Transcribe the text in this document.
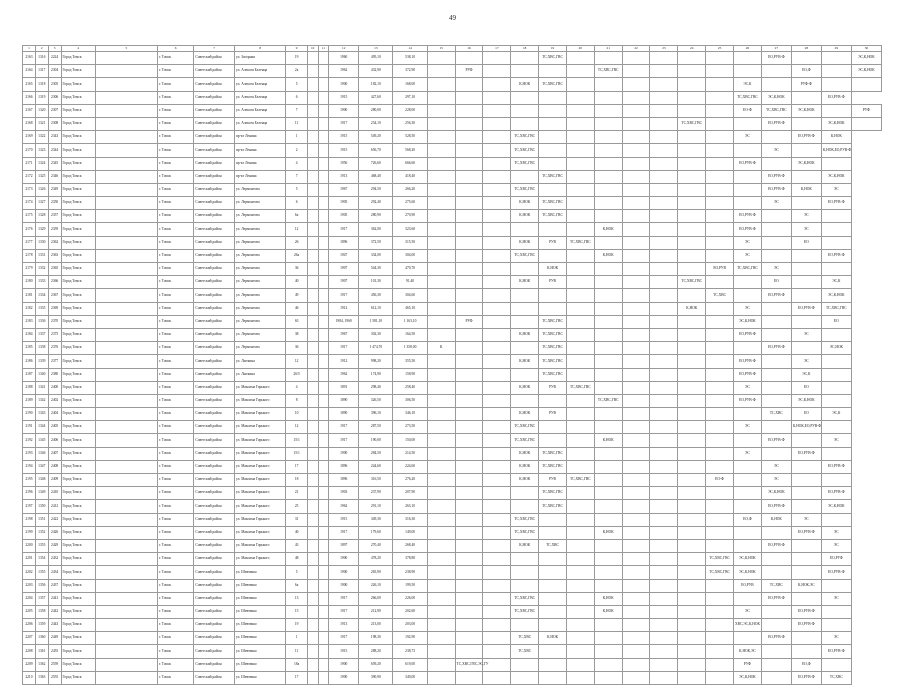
49
1	2	3	4	5	6	7	8	9	10	11	12	13	14	15	16	17	18	19	20	21	22	23	24	25	26	27	28	29	30
2163	1316	2224	Город Томск		г. Томск	Советский район	ул. Загорная	19			1960	495,10	538,10					ТС,ХВС,ГВС								ЕО,РУВ-Ф			ЭС,К,НОК
2164	1317	2304	Город Томск		г. Томск	Советский район	ул. Алексея Беленца	2а			1962	432,90	372,90		РУФ					ТС,ХВС,ГВС							ЕО,Ф		ЭС,К,НОК
2165	1318	2305	Город Томск		г. Томск	Советский район	ул. Алексея Беленца	5			1900	182,10	168,00				К,НОК	ТС,ХВС,ГВС							ЭС,К		РУФ-Ф		
2166	1319	2306	Город Томск		г. Томск	Советский район	ул. Алексея Беленца	6			1915	427,60	297,10												ТС,ХВС,ГВС	ЭС,К,НОК		ЕО,РУВ-Ф	
2167	1320	2307	Город Томск		г. Томск	Советский район	ул. Алексея Беленца	7			1900	280,00	228,00												ЕО-Ф	ТС,ХВС,ГВС	ЭС,К,НОК		РУФ
2168	1321	2308	Город Томск		г. Томск	Советский район	ул. Алексея Беленца	11			1917	234,10	256,30										ТС,ХВС,ГВС			ЕО,РУВ-Ф		ЭС,К,НОК	
2169	1322	2343	Город Томск		г. Томск	Советский район	пр-кт Ленина	1			1915	549,20	528,50				ТС,ХВС,ГВС								ЭС		ЕО,РУВ-Ф	К,НОК	
2170	1323	2344	Город Томск		г. Томск	Советский район	пр-кт Ленина	2			1915	656,70	568,20				ТС,ХВС,ГВС									ЭС		К,НОК,ЕО,РУВ-Ф	
2171	1324	2345	Город Томск		г. Томск	Советский район	пр-кт Ленина	4			1956	726,60	666,60				ТС,ХВС,ГВС								ЕО,РУВ-Ф		ЭС,К,НОК		
2172	1325	2346	Город Томск		г. Томск	Советский район	пр-кт Ленина	7			1913	468,40	418,40					ТС,ХВС,ГВС								ЕО,РУВ-Ф		ЭС,К,НОК	
2173	1326	2349	Город Томск		г. Томск	Советский район	ул. Лермонтова	5			1967	294,50	266,20				ТС,ХВС,ГВС									ЕО,РУВ-Ф	К,НОК	ЭС	
2174	1327	2350	Город Томск		г. Томск	Советский район	ул. Лермонтова	6			1905	292,40	275,60				К,НОК	ТС,ХВС,ГВС								ЭС		ЕО,РУВ-Ф	
2175	1328	2357	Город Томск		г. Томск	Советский район	ул. Лермонтова	6а			1905	280,90	270,90				К,НОК	ТС,ХВС,ГВС							ЕО,РУВ-Ф		ЭС		
2176	1329	2359	Город Томск		г. Томск	Советский район	ул. Лермонтова	12			1917	362,00	323,60							К,НОК					ЕО,РУВ-Ф		ЭС		
2177	1330	2362	Город Томск		г. Томск	Советский район	ул. Лермонтова	26			1896	372,50	315,50				К,НОК	РУВ	ТС,ХВС,ГВС						ЭС		ЕО		
2178	1331	2363	Город Томск		г. Томск	Советский район	ул. Лермонтова	26а			1947	334,00	304,00				ТС,ХВС,ГВС			К,НОК					ЭС			ЕО,РУВ-Ф	
2179	1332	2365	Город Томск		г. Томск	Советский район	ул. Лермонтова	36			1907	544,30	470,70					К,НОК						ЕО,РУВ	ТС,ХВС,ГВС	ЭС			
2180	1333	2366	Город Томск		г. Томск	Советский район	ул. Лермонтова	40			1907	101,30	91,40				К,НОК	РУВ					ТС,ХВС,ГВС			ЕО		ЭС,К	
2181	1334	2367	Город Томск		г. Томск	Советский район	ул. Лермонтова	49			1917	456,30	304,60											ТС,ХВС		ЕО,РУВ-Ф		ЭС,К,НОК	
2182	1335	2369	Город Томск		г. Томск	Советский район	ул. Лермонтова	46			1912	612,10	465,10										К,НОК		ЭС		ЕО,РУВ-Ф	ТС,ХВС,ГВС	
2183	1336	2370	Город Томск		г. Томск	Советский район	ул. Лермонтова	63			1984, 1960	1 581,10	1 163,10		РУФ			ТС,ХВС,ГВС							ЭС,К,НОК			ЕО	
2184	1337	2375	Город Томск		г. Томск	Советский район	ул. Лермонтова	38			1967	302,30	164,50				К,НОК	ТС,ХВС,ГВС							ЕО,РУВ-Ф		ЭС		
2185	1338	2376	Город Томск		г. Томск	Советский район	ул. Лермонтова	36			1917	1 474,70	1 358,00	К				ТС,ХВС,ГВС								ЕО,РУВ-Ф		ЭС,НОК	
2186	1339	2377	Город Томск		г. Томск	Советский район	ул. Лыткина	12			1912	998,20	355,50				К,НОК	ТС,ХВС,ГВС							ЕО,РУВ-Ф		ЭС		
2187	1340	2380	Город Томск		г. Томск	Советский район	ул. Лыткина	26/5			1962	174,90	158,90					ТС,ХВС,ГВС							ЕО,РУВ-Ф		ЭС,К		
2188	1341	2400	Город Томск		г. Томск	Советский район	ул. Максима Горького	4			1891	298,40	258,40				К,НОК	РУВ	ТС,ХВС,ГВС						ЭС		ЕО		
2189	1342	2402	Город Томск		г. Томск	Советский район	ул. Максима Горького	8			1890	326,50	306,50							ТС,ХВС,ГВС					ЕО,РУВ-Ф		ЭС,К,НОК		
2190	1343	2404	Город Томск		г. Томск	Советский район	ул. Максима Горького	10			1890	396,10	346,10				К,НОК	РУВ								ТС,ХВС	ЕО	ЭС,К	
2191	1344	2405	Город Томск		г. Томск	Советский район	ул. Максима Горького	12			1917	287,50	273,50				ТС,ХВС,ГВС								ЭС		К,НОК,ЕО,РУВ-Ф		
2192	1345	2406	Город Томск		г. Томск	Советский район	ул. Максима Горького	15/1			1917	190,00	150,00				ТС,ХВС,ГВС			К,НОК						ЕО,РУВ-Ф		ЭС	
2193	1346	2407	Город Томск		г. Томск	Советский район	ул. Максима Горького	15/1			1900	284,50	214,50				К,НОК	ТС,ХВС,ГВС							ЭС		ЕО,РУВ-Ф		
2194	1347	2408	Город Томск		г. Томск	Советский район	ул. Максима Горького	17			1896	244,60	224,60				К,НОК	ТС,ХВС,ГВС								ЭС		ЕО,РУВ-Ф	
2195	1348	2409	Город Томск		г. Томск	Советский район	ул. Максима Горького	18			1896	316,50	276,20				К,НОК	РУВ	ТС,ХВС,ГВС					ЕО-Ф		ЭС			
2196	1349	2410	Город Томск		г. Томск	Советский район	ул. Максима Горького	21			1903	237,90	207,90					ТС,ХВС,ГВС								ЭС,К,НОК		ЕО,РУВ-Ф	
2197	1350	2412	Город Томск		г. Томск	Советский район	ул. Максима Горького	25			1962	291,10	263,10					ТС,ХВС,ГВС								ЕО,РУВ-Ф		ЭС,К,НОК	
2198	1351	2422	Город Томск		г. Томск	Советский район	ул. Максима Горького	31			1915	349,30	316,30				ТС,ХВС,ГВС								ЕО,Ф	К,НОК	ЭС		
2199	1352	2426	Город Томск		г. Томск	Советский район	ул. Максима Горького	40			1917	179,60	149,00				ТС,ХВС,ГВС			К,НОК							ЕО,РУВ-Ф	ЭС	
2200	1353	2429	Город Томск		г. Томск	Советский район	ул. Максима Горького	43			1897	270,40	268,40				К,НОК	ТС,ХВС								ЕО,РУВ-Ф		ЭС	
2201	1354	2432	Город Томск		г. Томск	Советский район	ул. Максима Горького	48			1900	478,20	378,80											ТС,ХВС,ГВС	ЭС,К,НОК			ЕО,РУФ	
2202	1355	2434	Город Томск		г. Томск	Советский район	ул. Шевченко	5			1900	265,90	238,90											ТС,ХВС,ГВС	ЭС,К,НОК			ЕО,РУВ-Ф	
2203	1356	2437	Город Томск		г. Томск	Советский район	ул. Шевченко	6а			1900	226,10	199,50												ЕО,РУВ	ТС,ХВС	К,НОК,ЭС		
2204	1357	2441	Город Томск		г. Томск	Советский район	ул. Шевченко	13			1917	266,00	226,00				ТС,ХВС,ГВС			К,НОК						ЕО,РУВ-Ф		ЭС	
2205	1358	2442	Город Томск		г. Томск	Советский район	ул. Шевченко	15			1917	212,90	202,60				ТС,ХВС,ГВС			К,НОК					ЭС		ЕО,РУВ-Ф		
2206	1359	2443	Город Томск		г. Томск	Советский район	ул. Шевченко	19			1913	213,00	203,00												ХВС,ЭС,К,НОК		ЕО,РУВ-Ф		
2207	1360	2449	Город Томск		г. Томск	Советский район	ул. Шевченко	1			1917	198,30	192,90				ТС,ХВС	К,НОК								ЕО,РУВ-Ф		ЭС	
2208	1361	2455	Город Томск		г. Томск	Советский район	ул. Шевченко	11			1915	288,20	238,73				ТС,ХВС								К,НОК,ЭС			ЕО,РУВ-Ф	
2209	1362	2559	Город Томск		г. Томск	Советский район	ул. Шевченко	18а			1900	659,20	619,00		ТС,ХВС,ГВС,ЭС,ГУ										РУФ		ЕО,Ф		
2210	1363	2555	Город Томск		г. Томск	Советский район	ул. Шевченко	17			1900	390,90	349,00												ЭС,К,НОК		ЕО,РУВ-Ф	ТС,ХВС	
